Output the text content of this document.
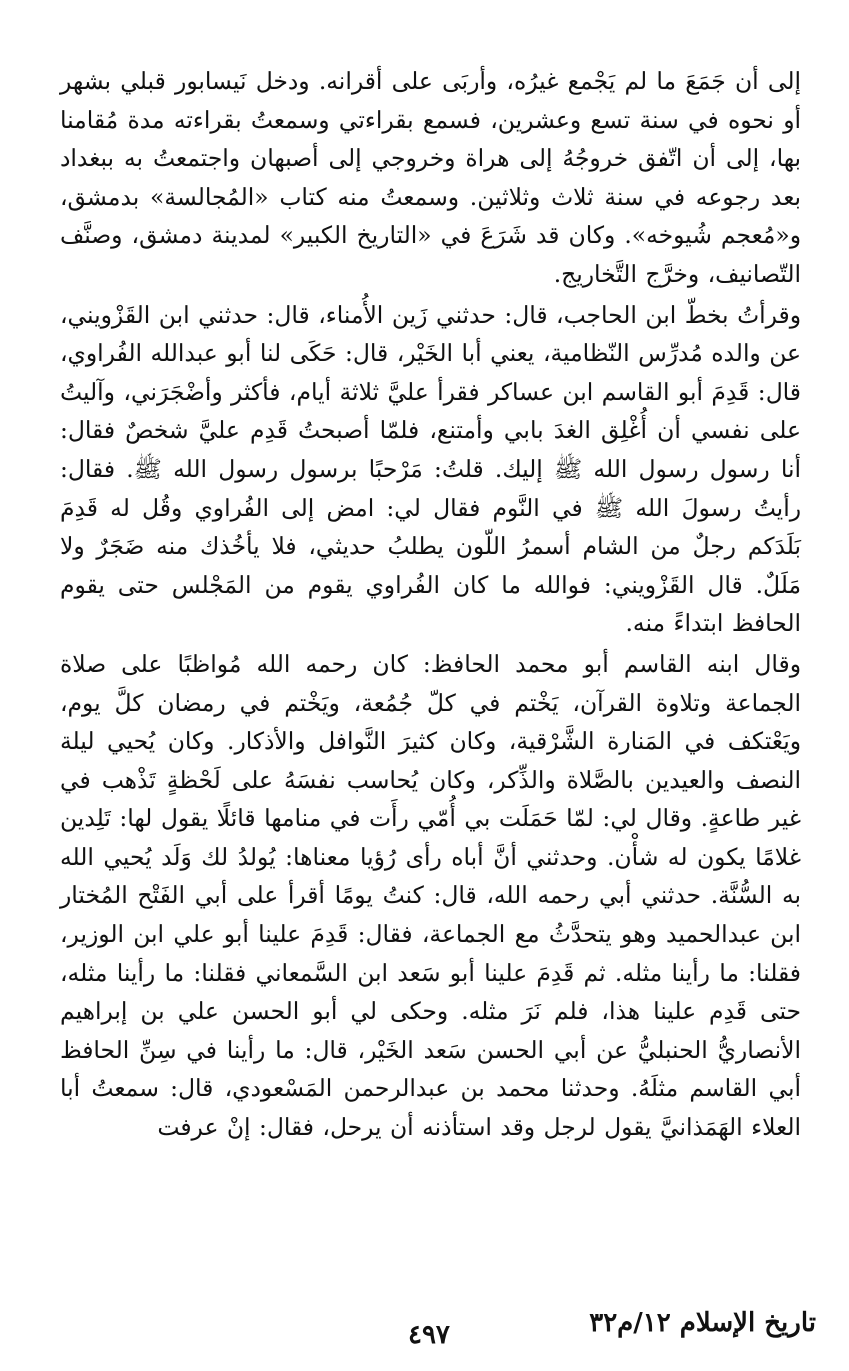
إلى أن جَمَعَ ما لم يَجْمع غيرُه، وأربَى على أقرانه. ودخل نَيسابور قبلي بشهر أو نحوه في سنة تسع وعشرين، فسمع بقراءتي وسمعتُ بقراءته مدة مُقامنا بها، إلى أن اتّفق خروجُهُ إلى هراة وخروجي إلى أصبهان واجتمعتُ به ببغداد بعد رجوعه في سنة ثلاث وثلاثين. وسمعتُ منه كتاب «المُجالسة» بدمشق، و«مُعجم شُيوخه». وكان قد شَرَعَ في «التاريخ الكبير» لمدينة دمشق، وصنَّف التّصانيف، وخرَّج التَّخاريج.

وقرأتُ بخطّ ابن الحاجب، قال: حدثني زَين الأُمناء، قال: حدثني ابن القَزْويني، عن والده مُدرِّس النّظامية، يعني أبا الخَيْر، قال: حَكَى لنا أبو عبدالله الفُراوي، قال: قَدِمَ أبو القاسم ابن عساكر فقرأ عليَّ ثلاثة أيام، فأكثر وأضْجَرَني، وآليتُ على نفسي أن أُغْلِق الغدَ بابي وأمتنع، فلمّا أصبحتُ قَدِم عليَّ شخصٌ فقال: أنا رسول رسول الله ﷺ إليك. قلتُ: مَرْحبًا برسول رسول الله ﷺ. فقال: رأيتُ رسولَ الله ﷺ في النَّوم فقال لي: امض إلى الفُراوي وقُل له قَدِمَ بَلَدَكم رجلٌ من الشام أسمرُ اللّون يطلبُ حديثي، فلا يأخُذك منه ضَجَرٌ ولا مَلَلٌ. قال القَزْويني: فوالله ما كان الفُراوي يقوم من المَجْلس حتى يقوم الحافظ ابتداءً منه.

وقال ابنه القاسم أبو محمد الحافظ: كان رحمه الله مُواظبًا على صلاة الجماعة وتلاوة القرآن، يَخْتم في كلّ جُمُعة، ويَخْتم في رمضان كلَّ يوم، ويَعْتكف في المَنارة الشَّرْقية، وكان كثيرَ النَّوافل والأذكار. وكان يُحيي ليلة النصف والعيدين بالصَّلاة والذِّكر، وكان يُحاسب نفسَهُ على لَحْظةٍ تَذْهب في غير طاعةٍ. وقال لي: لمّا حَمَلَت بي أُمّي رأَت في منامها قائلًا يقول لها: تَلِدين غلامًا يكون له شأْن. وحدثني أنَّ أباه رأى رُؤيا معناها: يُولدُ لك وَلَد يُحيي الله به السُّنَّة. حدثني أبي رحمه الله، قال: كنتُ يومًا أقرأ على أبي الفَتْح المُختار ابن عبدالحميد وهو يتحدَّثُ مع الجماعة، فقال: قَدِمَ علينا أبو علي ابن الوزير، فقلنا: ما رأينا مثله. ثم قَدِمَ علينا أبو سَعد ابن السَّمعاني فقلنا: ما رأينا مثله، حتى قَدِم علينا هذا، فلم نَرَ مثله. وحكى لي أبو الحسن علي بن إبراهيم الأنصاريُّ الحنبليُّ عن أبي الحسن سَعد الخَيْر، قال: ما رأينا في سِنِّ الحافظ أبي القاسم مثلَهُ. وحدثنا محمد بن عبدالرحمن المَسْعودي، قال: سمعتُ أبا العلاء الهَمَذانيَّ يقول لرجل وقد استأذنه أن يرحل، فقال: إنْ عرفت

تاريخ الإسلام ١٢/م٣٢
٤٩٧
